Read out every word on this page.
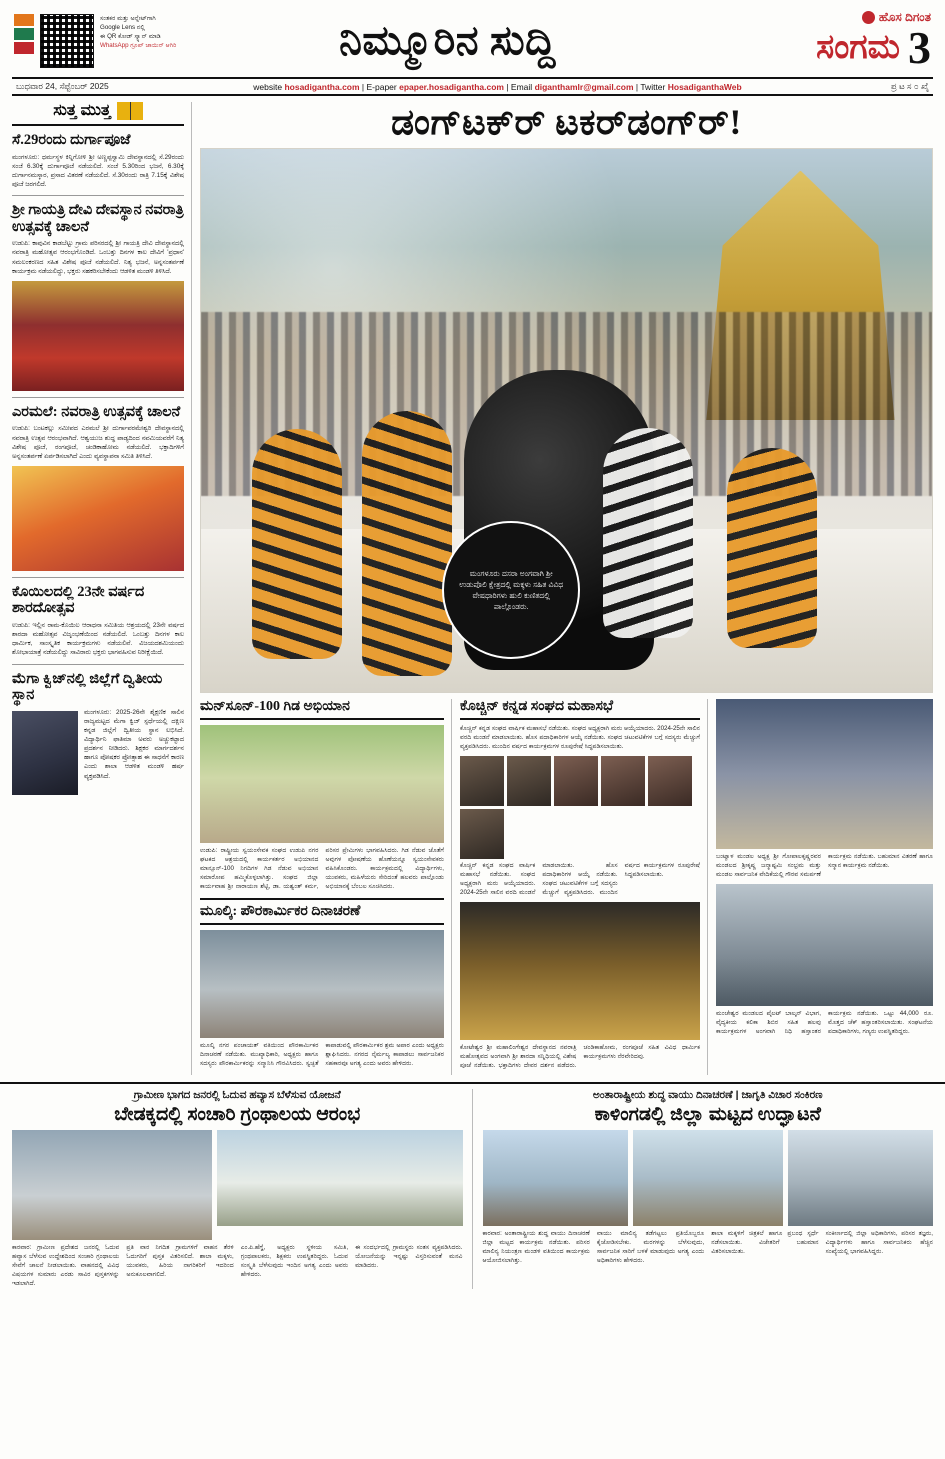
ಸಂತಕರ ಮತ್ತು ಅನ್ನೇಟ್‌ಗಾಗಿ
Google Lens ನಲ್ಲಿ
ಈ QR ಕೋಡ್ ಸ್ಕ್ಯಾನ್ ಮಾಡಿ
WhatsApp ಗ್ರೂಪ್ ಜಾಯಿನ್ ಆಗಿರಿ	ನಿಮ್ಮೂರಿನ ಸುದ್ದಿ	ಹೊಸ ದಿಗಂತ
ಸಂಗಮ 3
ಬುಧವಾರ 24, ಸೆಪ್ಟೆಂಬರ್ 2025	website hosadigantha.com | E-paper epaper.hosadigantha.com | Email diganthamlr@gmail.com | Twitter HosadiganthaWeb	ಪ್ರ ಟ ಸ ೦ ಖೈ
ಸುತ್ತ ಮುತ್ತ
ಸೆ.29ರಂದು ದುರ್ಗಾಪೂಜೆ
ಮಂಗಳೂರು: ಧರ್ಮಸ್ಥಳ ಕಿನ್ನಿಗೋಳಿ ಶ್ರೀ ಅಣ್ಣಪ್ಪಸ್ವಾಮಿ ದೇವಸ್ಥಾನದಲ್ಲಿ ಸೆ.29ರಂದು ಸಂಜೆ 6.30ಕ್ಕೆ ದುರ್ಗಾಪೂಜೆ ನಡೆಯಲಿದೆ. ಸಂಜೆ 5.30ರಿಂದ ಭಜನೆ, 6.30ಕ್ಕೆ ದುರ್ಗಾನಮಸ್ಕಾರ, ಪ್ರಸಾದ ವಿತರಣೆ ನಡೆಯಲಿದೆ. ಸೆ.30ರಂದು ರಾತ್ರಿ 7.15ಕ್ಕೆ ವಿಶೇಷ ಪೂಜೆ ಜರಗಲಿದೆ.
ಶ್ರೀ ಗಾಯತ್ರಿ ದೇವಿ ದೇವಸ್ಥಾನ ನವರಾತ್ರಿ ಉತ್ಸವಕ್ಕೆ ಚಾಲನೆ
ಉಡುಪಿ: ಕಾಪುವಿನ ಕಾಡಬೆಟ್ಟು ಗ್ರಾಮ ಪರಿಸರದಲ್ಲಿ ಶ್ರೀ ಗಾಯತ್ರಿ ದೇವಿ ದೇವಸ್ಥಾನದಲ್ಲಿ ನವರಾತ್ರಿ ಮಹೋತ್ಸವ ಆರಂಭಗೊಂಡಿದೆ. ಒಂಬತ್ತು ದಿನಗಳ ಕಾಲ ದೇವಿಗೆ 'ಪ್ರಧಾನ' ಸಮಲಂಕರಣದ ಸಹಿತ ವಿಶೇಷ ಪೂಜೆ ನಡೆಯಲಿದೆ. ನಿತ್ಯ ಭಜನೆ, ಅನ್ನಸಂತರ್ಪಣೆ ಕಾರ್ಯಕ್ರಮ ನಡೆಯಲಿದ್ದು, ಭಕ್ತರು ಸಹಕರಿಸಬೇಕೆಂದು ಆಡಳಿತ ಮಂಡಳಿ ತಿಳಿಸಿದೆ.
ಎರಮಲೆ: ನವರಾತ್ರಿ ಉತ್ಸವಕ್ಕೆ ಚಾಲನೆ
ಉಡುಪಿ: ಬಂಟಕಲ್ಲು ಸಮೀಪದ ಎರಮಲೆ ಶ್ರೀ ದುರ್ಗಾಪರಮೇಶ್ವರಿ ದೇವಸ್ಥಾನದಲ್ಲಿ ನವರಾತ್ರಿ ಉತ್ಸವ ಆರಂಭವಾಗಿದೆ. ಆಶ್ವಯುಜ ಶುದ್ಧ ಪಾಡ್ಯದಿಂದ ನವಮಿಯವರೆಗೆ ನಿತ್ಯ ವಿಶೇಷ ಪೂಜೆ, ರಂಗಪೂಜೆ, ಚಂಡಿಕಾಹೋಮ ನಡೆಯಲಿದೆ. ಭಕ್ತಾದಿಗಳಿಗೆ ಅನ್ನಸಂತರ್ಪಣೆ ಏರ್ಪಡಿಸಲಾಗಿದೆ ಎಂದು ವ್ಯವಸ್ಥಾಪನಾ ಸಮಿತಿ ತಿಳಿಸಿದೆ.
ಕೊಯಿಲದಲ್ಲಿ 23ನೇ ವರ್ಷದ ಶಾರದೋತ್ಸವ
ಉಡುಪಿ: ಇಲ್ಲಿನ ರಾಮ-ಕೊಯಿಲ ಆರಾಧನಾ ಸಮಿತಿಯ ಆಶ್ರಯದಲ್ಲಿ 23ನೇ ವರ್ಷದ ಶಾರದಾ ಮಹೋತ್ಸವ ವಿಜೃಂಭಣೆಯಿಂದ ನಡೆಯಲಿದೆ. ಒಂಬತ್ತು ದಿನಗಳ ಕಾಲ ಧಾರ್ಮಿಕ, ಸಾಂಸ್ಕೃತಿಕ ಕಾರ್ಯಕ್ರಮಗಳು ನಡೆಯಲಿವೆ. ವಿಜಯದಶಮಿಯಂದು ಶೋಭಾಯಾತ್ರೆ ನಡೆಯಲಿದ್ದು ಸಾವಿರಾರು ಭಕ್ತರು ಭಾಗವಹಿಸುವ ನಿರೀಕ್ಷೆಯಿದೆ.
ಮೆಗಾ ಕ್ವಿಜ್‌ನಲ್ಲಿ ಜಿಲ್ಲೆಗೆ ದ್ವಿತೀಯ ಸ್ಥಾನ
ಮಂಗಳೂರು: 2025-26ನೇ ಶೈಕ್ಷಣಿಕ ಸಾಲಿನ ರಾಜ್ಯಮಟ್ಟದ ಮೆಗಾ ಕ್ವಿಜ್ ಸ್ಪರ್ಧೆಯಲ್ಲಿ ದಕ್ಷಿಣ ಕನ್ನಡ ಜಿಲ್ಲೆಗೆ ದ್ವಿತೀಯ ಸ್ಥಾನ ಲಭಿಸಿದೆ. ವಿದ್ಯಾರ್ಥಿನಿ ಫಾತಿಮಾ ಅವರು ಅಚ್ಚುಕಟ್ಟಾದ ಪ್ರದರ್ಶನ ನೀಡಿದರು. ಶಿಕ್ಷಕರ ಮಾರ್ಗದರ್ಶನ ಹಾಗೂ ಪೋಷಕರ ಪ್ರೋತ್ಸಾಹ ಈ ಸಾಧನೆಗೆ ಕಾರಣ ಎಂದು ಶಾಲಾ ಆಡಳಿತ ಮಂಡಳಿ ಹರ್ಷ ವ್ಯಕ್ತಪಡಿಸಿದೆ.
ಡಂಗ್‌ಟಕ್‌ರ್ ಟಕರ್‌ಡಂಗ್‌ರ್!
ಮಂಗಳೂರು ದಸರಾ ಅಂಗವಾಗಿ ಶ್ರೀ ಉಡುಪೊಲಿ ಕ್ಷೇತ್ರದಲ್ಲಿ ಮಕ್ಕಳು ಸಹಿತ ವಿವಿಧ ವೇಷಧಾರಿಗಳು ಹುಲಿ ಕುಣಿತದಲ್ಲಿ ಪಾಲ್ಗೊಂಡರು.
ಮನ್‌ಸೂನ್-100 ಗಿಡ ಅಭಿಯಾನ
ಉಡುಪಿ: ರಾಷ್ಟ್ರೀಯ ಸ್ವಯಂಸೇವಕ ಸಂಘದ ಉಡುಪಿ ನಗರ ಘಟಕದ ಆಶ್ರಯದಲ್ಲಿ ಕಾರ್ಯಕರ್ತರ ಅಭಿಯಾನದ ಮಾನ್ಸೂನ್-100 ನಿಗದಿಗಳ ಗಿಡ ನೆಡುವ ಅಭಿಯಾನ ಸಮಾರೋಪ ಹಮ್ಮಿಕೊಳ್ಳಲಾಗಿತ್ತು. ಸಂಘದ ಜಿಲ್ಲಾ ಕಾರ್ಯವಾಹ ಶ್ರೀ ನಾರಾಯಣ ಶೆಟ್ಟಿ, ಡಾ. ಯಶ್ವಂತ್ ಕರ್ಮ, ಪರಿಸರ ಪ್ರೇಮಿಗಳು ಭಾಗವಹಿಸಿದರು. ಗಿಡ ನೆಡುವ ಜೊತೆಗೆ ಅವುಗಳ ಪೋಷಣೆಯ ಹೊಣೆಯನ್ನೂ ಸ್ವಯಂಸೇವಕರು ವಹಿಸಿಕೊಂಡರು. ಕಾರ್ಯಕ್ರಮದಲ್ಲಿ ವಿದ್ಯಾರ್ಥಿಗಳು, ಯುವಕರು, ಮಹಿಳೆಯರು ಸೇರಿದಂತೆ ಹಲವರು ಪಾಲ್ಗೊಂಡು ಅಭಿಯಾನಕ್ಕೆ ಬೆಂಬಲ ಸೂಚಿಸಿದರು.
ಮೂಲ್ಕಿ: ಪೌರಕಾರ್ಮಿಕರ ದಿನಾಚರಣೆ
ಮೂಲ್ಕಿ ನಗರ ಪಂಚಾಯತ್ ವತಿಯಿಂದ ಪೌರಕಾರ್ಮಿಕರ ದಿನಾಚರಣೆ ನಡೆಯಿತು. ಮುಖ್ಯಾಧಿಕಾರಿ, ಅಧ್ಯಕ್ಷರು ಹಾಗೂ ಸದಸ್ಯರು ಪೌರಕಾರ್ಮಿಕರನ್ನು ಸನ್ಮಾನಿಸಿ ಗೌರವಿಸಿದರು. ಸ್ವಚ್ಛತೆ ಕಾಪಾಡುವಲ್ಲಿ ಪೌರಕಾರ್ಮಿಕರ ಶ್ರಮ ಅಪಾರ ಎಂದು ಅಧ್ಯಕ್ಷರು ಶ್ಲಾಘಿಸಿದರು. ನಗರದ ನೈರ್ಮಲ್ಯ ಕಾಪಾಡಲು ಸಾರ್ವಜನಿಕರ ಸಹಕಾರವೂ ಅಗತ್ಯ ಎಂದು ಅವರು ಹೇಳಿದರು.
ಕೊಚ್ಚಿನ್ ಕನ್ನಡ ಸಂಘದ ಮಹಾಸಭೆ
ಕೊಚ್ಚಿನ್ ಕನ್ನಡ ಸಂಘದ ವಾರ್ಷಿಕ ಮಹಾಸಭೆ ನಡೆಯಿತು. ಸಂಘದ ಅಧ್ಯಕ್ಷರಾಗಿ ಮರು ಆಯ್ಕೆಯಾದರು. 2024-25ನೇ ಸಾಲಿನ ವರದಿ ಮಂಡನೆ ಮಾಡಲಾಯಿತು. ಹೊಸ ಪದಾಧಿಕಾರಿಗಳ ಆಯ್ಕೆ ನಡೆಯಿತು. ಸಂಘದ ಚಟುವಟಿಕೆಗಳ ಬಗ್ಗೆ ಸದಸ್ಯರು ಮೆಚ್ಚುಗೆ ವ್ಯಕ್ತಪಡಿಸಿದರು. ಮುಂದಿನ ವರ್ಷದ ಕಾರ್ಯಕ್ರಮಗಳ ರೂಪುರೇಷೆ ಸಿದ್ಧಪಡಿಸಲಾಯಿತು.
ಕೊಚ್ಚಿನ್ ಕನ್ನಡ ಸಂಘದ ವಾರ್ಷಿಕ ಮಹಾಸಭೆ ನಡೆಯಿತು. ಸಂಘದ ಅಧ್ಯಕ್ಷರಾಗಿ ಮರು ಆಯ್ಕೆಯಾದರು. 2024-25ನೇ ಸಾಲಿನ ವರದಿ ಮಂಡನೆ ಮಾಡಲಾಯಿತು. ಹೊಸ ಪದಾಧಿಕಾರಿಗಳ ಆಯ್ಕೆ ನಡೆಯಿತು. ಸಂಘದ ಚಟುವಟಿಕೆಗಳ ಬಗ್ಗೆ ಸದಸ್ಯರು ಮೆಚ್ಚುಗೆ ವ್ಯಕ್ತಪಡಿಸಿದರು. ಮುಂದಿನ ವರ್ಷದ ಕಾರ್ಯಕ್ರಮಗಳ ರೂಪುರೇಷೆ ಸಿದ್ಧಪಡಿಸಲಾಯಿತು.
ಕೋಟೇಶ್ವರ ಶ್ರೀ ಮಹಾಲಿಂಗೇಶ್ವರ ದೇವಸ್ಥಾನದ ನವರಾತ್ರಿ ಮಹೋತ್ಸವದ ಅಂಗವಾಗಿ ಶ್ರೀ ಶಾರದಾ ಸನ್ನಿಧಿಯಲ್ಲಿ ವಿಶೇಷ ಪೂಜೆ ನಡೆಯಿತು. ಭಕ್ತಾದಿಗಳು ದೇವರ ದರ್ಶನ ಪಡೆದರು. ಚಂಡಿಕಾಹೋಮ, ರಂಗಪೂಜೆ ಸಹಿತ ವಿವಿಧ ಧಾರ್ಮಿಕ ಕಾರ್ಯಕ್ರಮಗಳು ನೆರವೇರಿದವು.
ಬಂಟ್ವಾಳ ಮಂಡಲ ಅಧ್ಯಕ್ಷ ಶ್ರೀ ಗೋಪಾಲಕೃಷ್ಣರವರ ಮಂಡಲದ ಶ್ರೀಕೃಷ್ಣ ಜನ್ಮಾಷ್ಟಮಿ ಸಂಭ್ರಮ ಮತ್ತು ಮಂಡಲ ಸಾರ್ವಜನಿಕ ವೇದಿಕೆಯಲ್ಲಿ ಗೌರವ ಸಮರ್ಪಣೆ ಕಾರ್ಯಕ್ರಮ ನಡೆಯಿತು. ಬಹುಮಾನ ವಿತರಣೆ ಹಾಗೂ ಸನ್ಮಾನ ಕಾರ್ಯಕ್ರಮ ನಡೆಯಿತು.
ಮಂಚೇಶ್ವರ ಮಂಡಲದ ಪೈಲಟ್ ಬಾಲ್ಕನ್ ವಿಭಾಗ, ವೈದ್ಯಕೀಯ ಕಲಿಕಾ ಶಿಬಿರ ಸಹಿತ ಹಲವು ಕಾರ್ಯಕ್ರಮಗಳ ಅಂಗವಾಗಿ ನಿಧಿ ಹಸ್ತಾಂತರ ಕಾರ್ಯಕ್ರಮ ನಡೆಯಿತು. ಒಟ್ಟು 44,000 ರೂ. ಮೊತ್ತದ ಚೆಕ್ ಹಸ್ತಾಂತರಿಸಲಾಯಿತು. ಸಂಘಟನೆಯ ಪದಾಧಿಕಾರಿಗಳು, ಗಣ್ಯರು ಉಪಸ್ಥಿತರಿದ್ದರು.
ಗ್ರಾಮೀಣ ಭಾಗದ ಜನರಲ್ಲಿ ಓದುವ ಹವ್ಯಾಸ ಬೆಳೆಸುವ ಯೋಜನೆ
ಬೇಡಕ್ಕದಲ್ಲಿ ಸಂಚಾರಿ ಗ್ರಂಥಾಲಯ ಆರಂಭ
ಕಾರವಾರ: ಗ್ರಾಮೀಣ ಪ್ರದೇಶದ ಜನರಲ್ಲಿ ಓದುವ ಹವ್ಯಾಸ ಬೆಳೆಸುವ ಉದ್ದೇಶದಿಂದ ಸಂಚಾರಿ ಗ್ರಂಥಾಲಯ ಸೇವೆಗೆ ಚಾಲನೆ ನೀಡಲಾಯಿತು. ವಾಹನದಲ್ಲಿ ವಿವಿಧ ವಿಷಯಗಳ ಸುಮಾರು ಎರಡು ಸಾವಿರ ಪುಸ್ತಕಗಳನ್ನು ಇಡಲಾಗಿದೆ.
ಪ್ರತಿ ವಾರ ನಿಗದಿತ ಗ್ರಾಮಗಳಿಗೆ ವಾಹನ ತೆರಳಿ ಓದುಗರಿಗೆ ಪುಸ್ತಕ ವಿತರಿಸಲಿದೆ. ಶಾಲಾ ಮಕ್ಕಳು, ಯುವಕರು, ಹಿರಿಯ ನಾಗರಿಕರಿಗೆ ಇದರಿಂದ ಅನುಕೂಲವಾಗಲಿದೆ.
ಎಂ.ಪಿ.ಹೆಗ್ಡೆ, ಅಧ್ಯಕ್ಷರು ಸ್ಥಳೀಯ ಸಮಿತಿ, ಗ್ರಂಥಪಾಲಕರು, ಶಿಕ್ಷಕರು ಉಪಸ್ಥಿತರಿದ್ದರು. ಓದುವ ಸಂಸ್ಕೃತಿ ಬೆಳೆಸುವುದು ಇಂದಿನ ಅಗತ್ಯ ಎಂದು ಅವರು ಹೇಳಿದರು.
ಈ ಸಂದರ್ಭದಲ್ಲಿ ಗ್ರಾಮಸ್ಥರು ಸಂತಸ ವ್ಯಕ್ತಪಡಿಸಿದರು. ಯೋಜನೆಯನ್ನು ಇನ್ನಷ್ಟು ವಿಸ್ತರಿಸುವಂತೆ ಮನವಿ ಮಾಡಿದರು.
ಅಂತಾರಾಷ್ಟ್ರೀಯ ಶುದ್ಧ ವಾಯು ದಿನಾಚರಣೆ | ಜಾಗೃತಿ ವಿಚಾರ ಸಂಕಿರಣ
ಕಾಳಿಂಗಡಲ್ಲಿ ಜಿಲ್ಲಾ ಮಟ್ಟದ ಉದ್ಘಾಟನೆ
ಕಾರವಾರ: ಅಂತಾರಾಷ್ಟ್ರೀಯ ಶುದ್ಧ ವಾಯು ದಿನಾಚರಣೆ ಜಿಲ್ಲಾ ಮಟ್ಟದ ಕಾರ್ಯಕ್ರಮ ನಡೆಯಿತು. ಪರಿಸರ ಮಾಲಿನ್ಯ ನಿಯಂತ್ರಣ ಮಂಡಳಿ ವತಿಯಿಂದ ಕಾರ್ಯಕ್ರಮ ಆಯೋಜಿಸಲಾಗಿತ್ತು.
ವಾಯು ಮಾಲಿನ್ಯ ತಡೆಗಟ್ಟಲು ಪ್ರತಿಯೊಬ್ಬರೂ ಕೈಜೋಡಿಸಬೇಕು. ಮರಗಳನ್ನು ಬೆಳೆಸುವುದು, ಸಾರ್ವಜನಿಕ ಸಾರಿಗೆ ಬಳಕೆ ಮಾಡುವುದು ಅಗತ್ಯ ಎಂದು ಅಧಿಕಾರಿಗಳು ಹೇಳಿದರು.
ಶಾಲಾ ಮಕ್ಕಳಿಗೆ ಚಿತ್ರಕಲೆ ಹಾಗೂ ಪ್ರಬಂಧ ಸ್ಪರ್ಧೆ ನಡೆಸಲಾಯಿತು. ವಿಜೇತರಿಗೆ ಬಹುಮಾನ ವಿತರಿಸಲಾಯಿತು.
ಸಂಕೀರ್ಣದಲ್ಲಿ ಜಿಲ್ಲಾ ಅಧಿಕಾರಿಗಳು, ಪರಿಸರ ತಜ್ಞರು, ವಿದ್ಯಾರ್ಥಿಗಳು ಹಾಗೂ ಸಾರ್ವಜನಿಕರು ಹೆಚ್ಚಿನ ಸಂಖ್ಯೆಯಲ್ಲಿ ಭಾಗವಹಿಸಿದ್ದರು.
